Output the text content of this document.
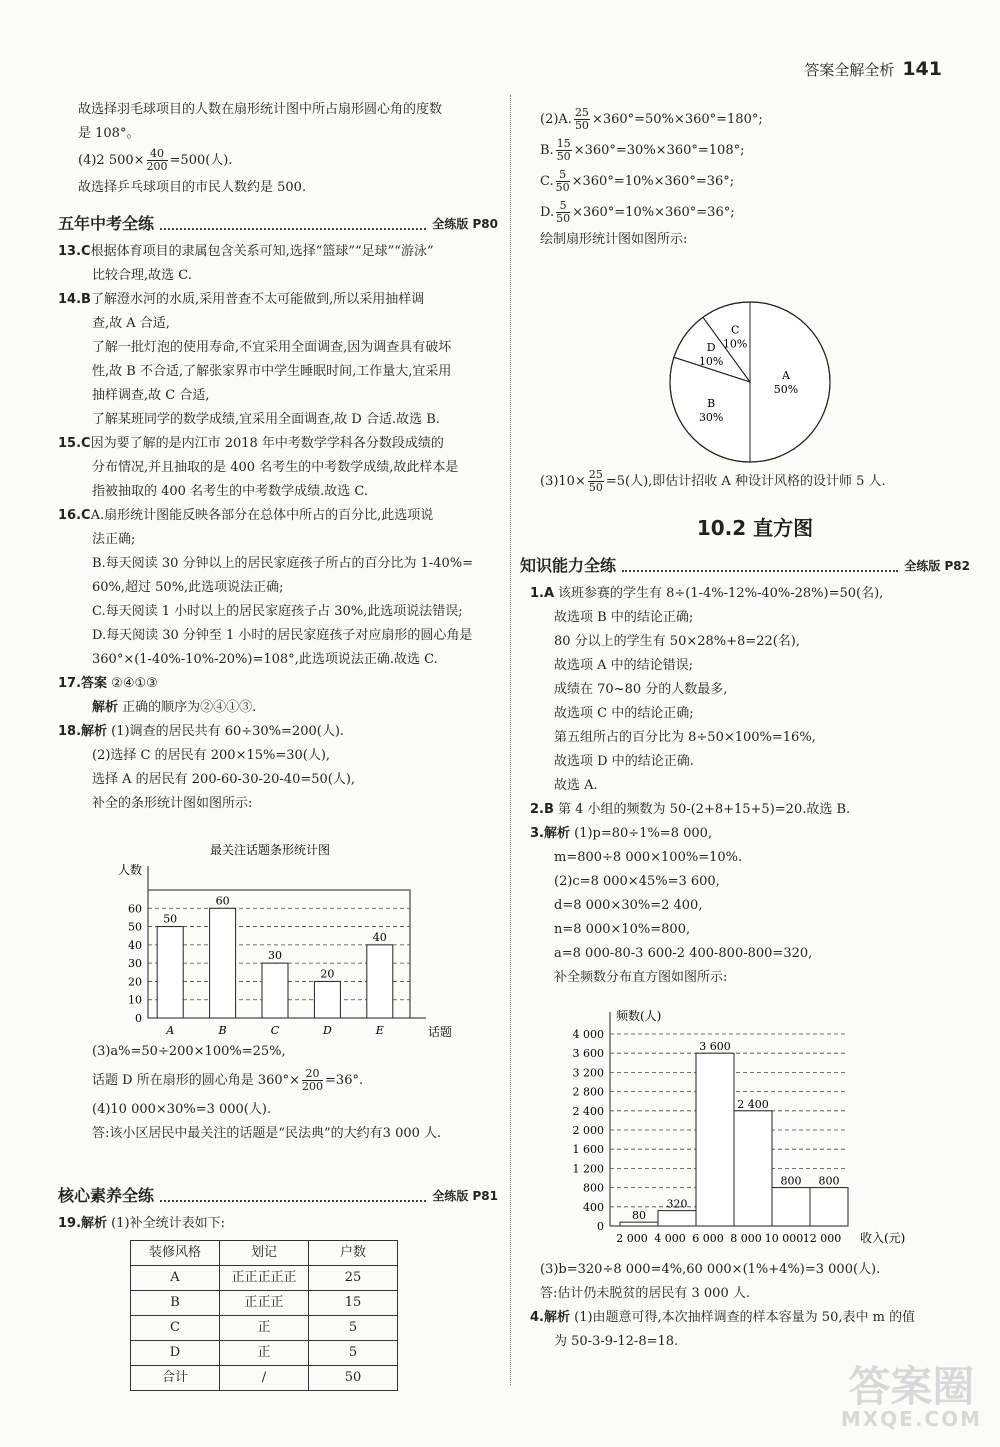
答案全解全析 141

故选择羽毛球项目的人数在扇形统计图中所占扇形圆心角的度数

是 108°。

(4)2 $500\times \frac{40}{200} =500$(人).

故选择乒乓球项目的市民人数约是 500.

五年中考全练	全练版 P80

13.C根据体育项目的隶属包含关系可知,选择“篮球”“足球”“游泳”

比较合理,故选 C.

14.B了解澄水河的水质,采用普查不太可能做到,所以采用抽样调

查,故 A 合适,

了解一批灯泡的使用寿命,不宜采用全面调查,因为调查具有破坏

性,故 B 不合适,了解张家界市中学生睡眠时间,工作量大,宜采用

抽样调查,故 C 合适,

了解某班同学的数学成绩,宜采用全面调查,故 D 合适.故选 B.

15.C因为要了解的是内江市 2018 年中考数学学科各分数段成绩的

分布情况,并且抽取的是 400 名考生的中考数学成绩,故此样本是

指被抽取的 400 名考生的中考数学成绩.故选 C.

16.CA.扇形统计图能反映各部分在总体中所占的百分比,此选项说

法正确;

B.每天阅读 30 分钟以上的居民家庭孩子所占的百分比为 1-40%=

60%,超过 50%,此选项说法正确;

C.每天阅读 1 小时以上的居民家庭孩子占 30%,此选项说法错误;

D.每天阅读 30 分钟至 1 小时的居民家庭孩子对应扇形的圆心角是

360°×(1-40%-10%-20%)=108°,此选项说法正确.故选 C.

17.答案 ②④①③

解析 正确的顺序为②④①③.

18.解析 (1)调查的居民共有 60÷30%=200(人).

(2)选择 C 的居民有 200×15%=30(人),

选择 A 的居民有 200-60-30-20-40=50(人),

补全的条形统计图如图所示:

最关注话题条形统计图
人数
0
10
20
30
40
50
60
话题
50
A
60
B
30
C
20
D
40
E

(3)a%=50÷200×100%=25%,

话题 D 所在扇形的圆心角是 $360^\circ\times \frac{20}{200} =36^\circ$.

(4)10 000×30%=3 000(人).

答:该小区居民中最关注的话题是“民法典”的大约有3 000 人.

核心素养全练	全练版 P81

19.解析 (1)补全统计表如下:

装修风格	划记	户数
A	正正正正正	25
B	正正正	15
C	正	5
D	正	5
合计	/	50

(2)A. $\frac{25}{50} \times 360^\circ=50\%\times 360^\circ=180^\circ$;

B. $\frac{15}{50} \times 360^\circ=30\%\times 360^\circ=108^\circ$;

C. $\frac{5}{50} \times 360^\circ=10\%\times 360^\circ=36^\circ$;

D. $\frac{5}{50} \times 360^\circ=10\%\times 360^\circ=36^\circ$;

绘制扇形统计图如图所示:

A
50%
B
30%
D
10%
C
10%

$(3)10\times \frac{25}{50} =5$(人),即估计招收 A 种设计风格的设计师 5 人.

10.2 直方图
知识能力全练	全练版 P82

1.A 该班参赛的学生有 8÷(1-4%-12%-40%-28%)=50(名),

故选项 B 中的结论正确;

80 分以上的学生有 50×28%+8=22(名),

故选项 A 中的结论错误;

成绩在 70~80 分的人数最多,

故选项 C 中的结论正确;

第五组所占的百分比为 8÷50×100%=16%,

故选项 D 中的结论正确.

故选 A.

2.B 第 4 小组的频数为 50-(2+8+15+5)=20.故选 B.

3.解析 (1)p=80÷1%=8 000,

m=800÷8 000×100%=10%.

(2)c=8 000×45%=3 600,

d=8 000×30%=2 400,

n=8 000×10%=800,

a=8 000-80-3 600-2 400-800-800=320,

补全频数分布直方图如图所示:

频数(人)
0
400
800
1 200
1 600
2 000
2 400
2 800
3 200
3 600
4 000
80
320
3 600
2 400
800 800
2 000 4 000 6 000 8 000 10 000 12 000 收入(元)

(3)b=320÷8 000=4%,60 000×(1%+4%)=3 000(人).

答:估计仍未脱贫的居民有 3 000 人.

4.解析 (1)由题意可得,本次抽样调查的样本容量为 50,表中 m 的值

为 50-3-9-12-8=18.

答案圈
MXQE.COM
